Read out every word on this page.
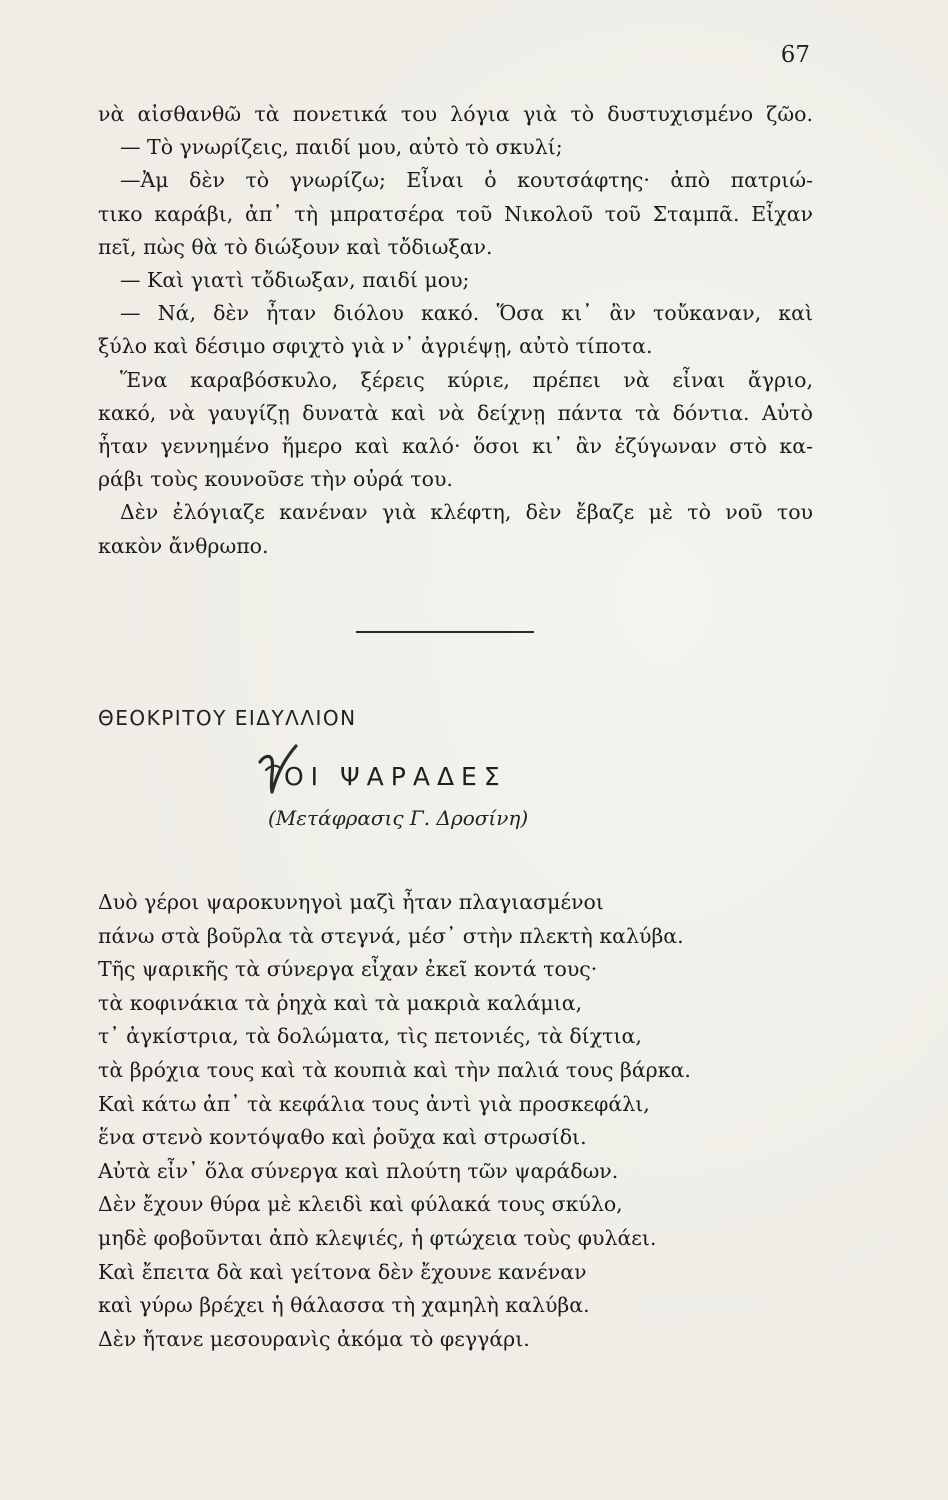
67
νὰ αἰσθανθῶ τὰ πονετικά του λόγια γιὰ τὸ δυστυχισμένο ζῶο.
— Τὸ γνωρίζεις, παιδί μου, αὐτὸ τὸ σκυλί;
—Ἀμ δὲν τὸ γνωρίζω; Εἶναι ὁ κουτσάφτης· ἀπὸ πατριώ-
τικο καράβι, ἀπ᾽ τὴ μπρατσέρα τοῦ Νικολοῦ τοῦ Σταμπᾶ. Εἶχαν
πεῖ, πὼς θὰ τὸ διώξουν καὶ τὄδιωξαν.
— Καὶ γιατὶ τὄδιωξαν, παιδί μου;
— Νά, δὲν ἦταν διόλου κακό. Ὅσα κι᾽ ἂν τοὔκαναν, καὶ
ξύλο καὶ δέσιμο σφιχτὸ γιὰ ν᾽ ἀγριέψῃ, αὐτὸ τίποτα.
Ἕνα καραβόσκυλο, ξέρεις κύριε, πρέπει νὰ εἶναι ἄγριο,
κακό, νὰ γαυγίζῃ δυνατὰ καὶ νὰ δείχνῃ πάντα τὰ δόντια. Αὐτὸ
ἦταν γεννημένο ἥμερο καὶ καλό· ὅσοι κι᾽ ἂν ἐζύγωναν στὸ κα-
ράβι τοὺς κουνοῦσε τὴν οὐρά του.
Δὲν ἐλόγιαζε κανέναν γιὰ κλέφτη, δὲν ἔβαζε μὲ τὸ νοῦ του
κακὸν ἄνθρωπο.
ΘΕΟΚΡΙΤΟΥ ΕΙΔΥΛΛΙΟΝ
ΟΙ ΨΑΡΑΔΕΣ
(Μετάφρασις Γ. Δροσίνη)
Δυὸ γέροι ψαροκυνηγοὶ μαζὶ ἦταν πλαγιασμένοι
πάνω στὰ βοῦρλα τὰ στεγνά, μέσ᾽ στὴν πλεκτὴ καλύβα.
Τῆς ψαρικῆς τὰ σύνεργα εἶχαν ἐκεῖ κοντά τους·
τὰ κοφινάκια τὰ ῥηχὰ καὶ τὰ μακριὰ καλάμια,
τ᾽ ἀγκίστρια, τὰ δολώματα, τὶς πετονιές, τὰ δίχτια,
τὰ βρόχια τους καὶ τὰ κουπιὰ καὶ τὴν παλιά τους βάρκα.
Καὶ κάτω ἀπ᾽ τὰ κεφάλια τους ἀντὶ γιὰ προσκεφάλι,
ἕνα στενὸ κοντόψαθο καὶ ῥοῦχα καὶ στρωσίδι.
Αὐτὰ εἶν᾽ ὅλα σύνεργα καὶ πλούτη τῶν ψαράδων.
Δὲν ἔχουν θύρα μὲ κλειδὶ καὶ φύλακά τους σκύλο,
μηδὲ φοβοῦνται ἀπὸ κλεψιές, ἡ φτώχεια τοὺς φυλάει.
Καὶ ἔπειτα δὰ καὶ γείτονα δὲν ἔχουνε κανέναν
καὶ γύρω βρέχει ἡ θάλασσα τὴ χαμηλὴ καλύβα.
Δὲν ἤτανε μεσουρανὶς ἀκόμα τὸ φεγγάρι.
